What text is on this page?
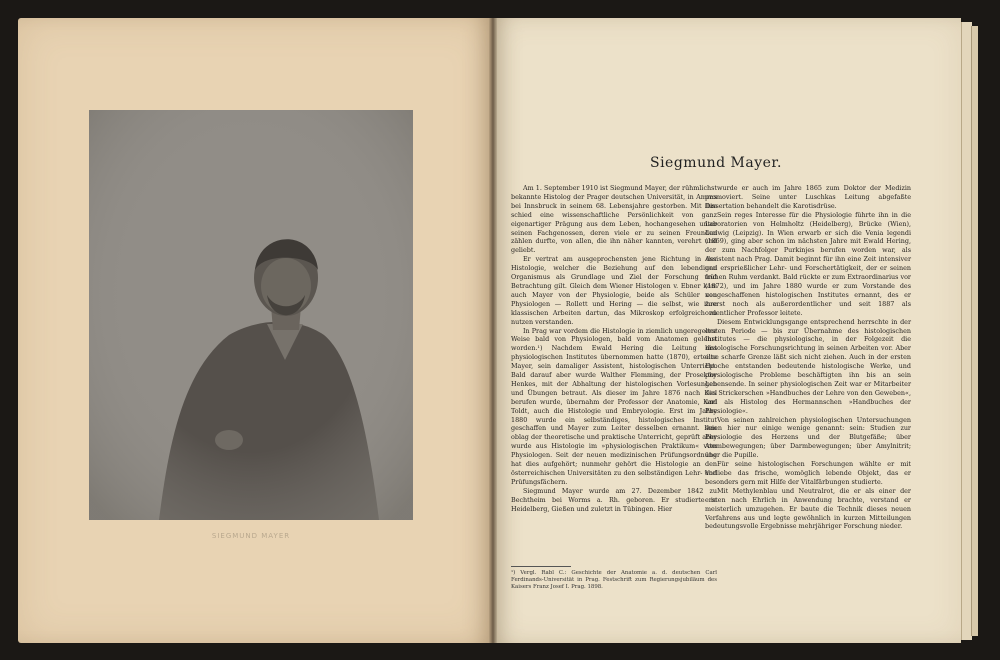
SIEGMUND MAYER
Siegmund Mayer.

Am 1. September 1910 ist Siegmund Mayer, der rühmlichst bekannte Histolog der Prager deutschen Universität, in Amras bei Innsbruck in seinem 68. Lebensjahre gestorben. Mit ihm schied eine wissenschaftliche Persönlichkeit von ganz eigenartiger Prägung aus dem Leben, hochangesehen unter seinen Fachgenossen, deren viele er zu seinen Freunden zählen durfte, von allen, die ihn näher kannten, verehrt und geliebt.

Er vertrat am ausgeprochensten jene Richtung in der Histologie, welcher die Beziehung auf den lebendigen Organismus als Grundlage und Ziel der Forschung und Betrachtung gilt. Gleich dem Wiener Histologen v. Ebner kam auch Mayer von der Physiologie, beide als Schüler von Physiologen — Rollett und Hering — die selbst, wie ihre klassischen Arbeiten dartun, das Mikroskop erfolgreich zu nutzen verstanden.

In Prag war vordem die Histologie in ziemlich ungeregelter Weise bald von Physiologen, bald vom Anatomen gelehrt worden.¹) Nachdem Ewald Hering die Leitung des physiologischen Institutes übernommen hatte (1870), erteilte Mayer, sein damaliger Assistent, histologischen Unterricht. Bald darauf aber wurde Walther Flemming, der Prosektor Henkes, mit der Abhaltung der histologischen Vorlesungen und Übungen betraut. Als dieser im Jahre 1876 nach Kiel berufen wurde, übernahm der Professor der Anatomie, Karl Toldt, auch die Histologie und Embryologie. Erst im Jahre 1880 wurde ein selbständiges, histologisches Institut geschaffen und Mayer zum Leiter desselben ernannt. Ihm oblag der theoretische und praktische Unterricht, geprüft aber wurde aus Histologie im »physiologischen Praktikum« vom Physiologen. Seit der neuen medizinischen Prüfungsordnung hat dies aufgehört; nunmehr gehört die Histologie an den österreichischen Universitäten zu den selbständigen Lehr- und Prüfungsfächern.

Siegmund Mayer wurde am 27. Dezember 1842 zu Bechtheim bei Worms a. Rh. geboren. Er studierte in Heidelberg, Gießen und zuletzt in Tübingen. Hier

wurde er auch im Jahre 1865 zum Doktor der Medizin promoviert. Seine unter Luschkas Leitung abgefaßte Dissertation behandelt die Karotisdrüse.

Sein reges Interesse für die Physiologie führte ihn in die Laboratorien von Helmholtz (Heidelberg), Brücke (Wien), Ludwig (Leipzig). In Wien erwarb er sich die Venia legendi (1869), ging aber schon im nächsten Jahre mit Ewald Hering, der zum Nachfolger Purkinjes berufen worden war, als Assistent nach Prag. Damit beginnt für ihn eine Zeit intensiver und ersprießlicher Lehr- und Forschertätigkeit, der er seinen frühen Ruhm verdankt. Bald rückte er zum Extraordinarius vor (1872), und im Jahre 1880 wurde er zum Vorstande des neugeschaffenen histologischen Institutes ernannt, des er zuerst noch als außerordentlicher und seit 1887 als ordentlicher Professor leitete.

Diesem Entwicklungsgange entsprechend herrschte in der ersten Periode — bis zur Übernahme des histologischen Institutes — die physiologische, in der Folgezeit die histologische Forschungsrichtung in seinen Arbeiten vor. Aber eine scharfe Grenze läßt sich nicht ziehen. Auch in der ersten Epoche entstanden bedeutende histologische Werke, und physiologische Probleme beschäftigten ihn bis an sein Lebensende. In seiner physiologischen Zeit war er Mitarbeiter des Strickerschen »Handbuches der Lehre von den Geweben«, und als Histolog des Hermannschen »Handbuches der Physiologie«.

Von seinen zahlreichen physiologischen Untersuchungen seien hier nur einige wenige genannt: sein: Studien zur Physiologie des Herzens und der Blutgefäße; über Atembewegungen; über Darmbewegungen; über Amylnitrit; über die Pupille.

Für seine histologischen Forschungen wählte er mit Vorliebe das frische, womöglich lebende Objekt, das er besonders gern mit Hilfe der Vitalfärbungen studierte.

Mit Methylenblau und Neutralrot, die er als einer der ersten nach Ehrlich in Anwendung brachte, verstand er meisterlich umzugehen. Er baute die Technik dieses neuen Verfahrens aus und legte gewöhnlich in kurzen Mitteilungen bedeutungsvolle Ergebnisse mehrjähriger Forschung nieder.

¹) Vergl. Rabl C.: Geschichte der Anatomie a. d. deutschen Carl Ferdinands-Universität in Prag. Festschrift zum Regierungsjubiläum des Kaisers Franz Josef I. Prag. 1898.
